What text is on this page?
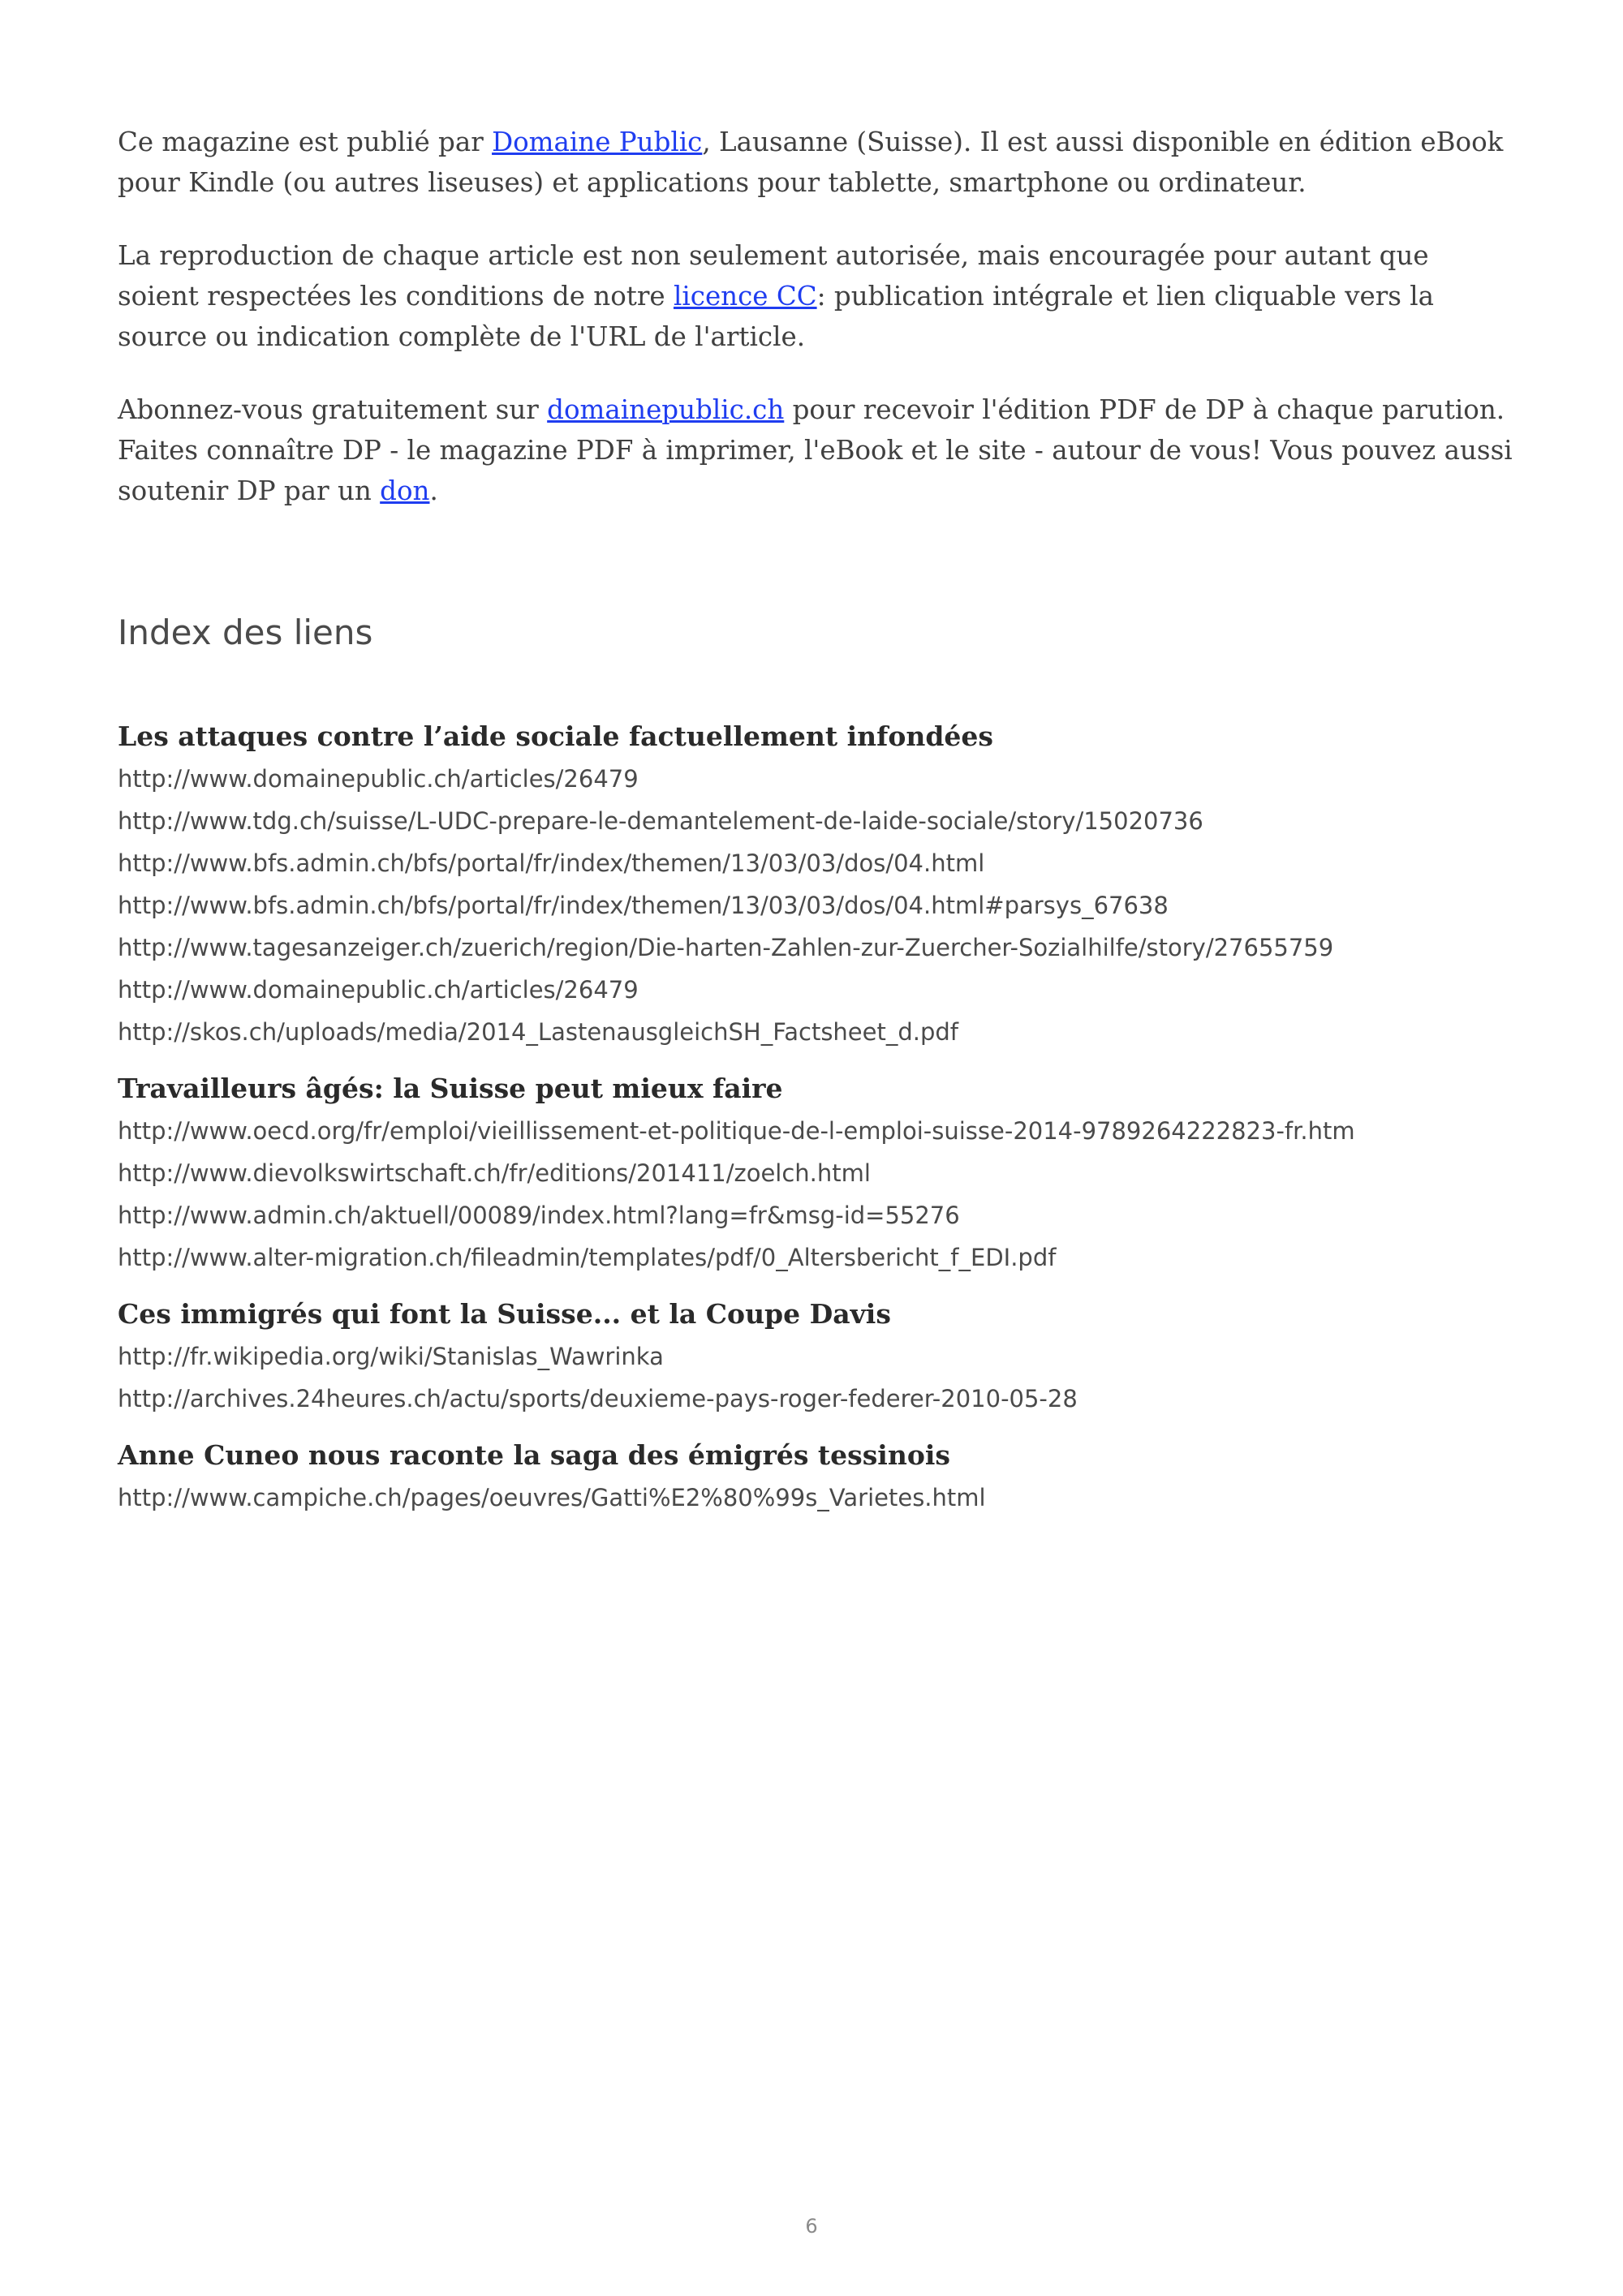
Ce magazine est publié par Domaine Public, Lausanne (Suisse). Il est aussi disponible en édition eBook pour Kindle (ou autres liseuses) et applications pour tablette, smartphone ou ordinateur.

La reproduction de chaque article est non seulement autorisée, mais encouragée pour autant que soient respectées les conditions de notre licence CC: publication intégrale et lien cliquable vers la source ou indication complète de l'URL de l'article.

Abonnez-vous gratuitement sur domainepublic.ch pour recevoir l'édition PDF de DP à chaque parution. Faites connaître DP - le magazine PDF à imprimer, l'eBook et le site - autour de vous! Vous pouvez aussi soutenir DP par un don.

Index des liens

Les attaques contre l’aide sociale factuellement infondées

http://www.domainepublic.ch/articles/26479

http://www.tdg.ch/suisse/L-UDC-prepare-le-demantelement-de-laide-sociale/story/15020736

http://www.bfs.admin.ch/bfs/portal/fr/index/themen/13/03/03/dos/04.html

http://www.bfs.admin.ch/bfs/portal/fr/index/themen/13/03/03/dos/04.html#parsys_67638

http://www.tagesanzeiger.ch/zuerich/region/Die-harten-Zahlen-zur-Zuercher-Sozialhilfe/story/27655759

http://www.domainepublic.ch/articles/26479

http://skos.ch/uploads/media/2014_LastenausgleichSH_Factsheet_d.pdf

Travailleurs âgés: la Suisse peut mieux faire

http://www.oecd.org/fr/emploi/vieillissement-et-politique-de-l-emploi-suisse-2014-9789264222823-fr.htm

http://www.dievolkswirtschaft.ch/fr/editions/201411/zoelch.html

http://www.admin.ch/aktuell/00089/index.html?lang=fr&msg-id=55276

http://www.alter-migration.ch/fileadmin/templates/pdf/0_Altersbericht_f_EDI.pdf

Ces immigrés qui font la Suisse... et la Coupe Davis

http://fr.wikipedia.org/wiki/Stanislas_Wawrinka

http://archives.24heures.ch/actu/sports/deuxieme-pays-roger-federer-2010-05-28

Anne Cuneo nous raconte la saga des émigrés tessinois

http://www.campiche.ch/pages/oeuvres/Gatti%E2%80%99s_Varietes.html

6
